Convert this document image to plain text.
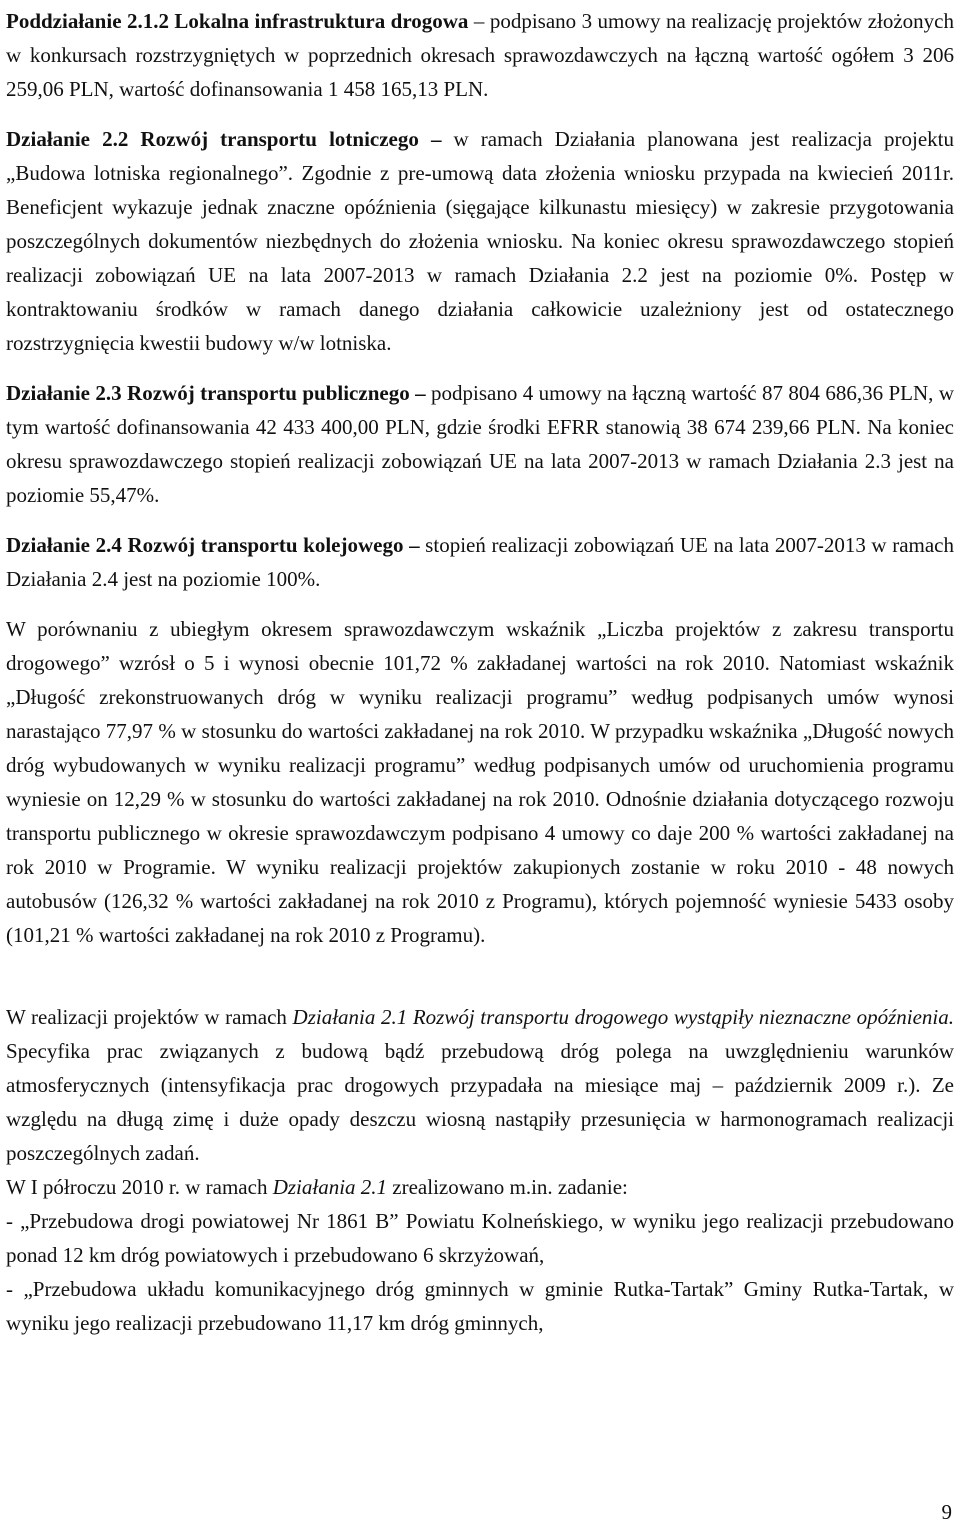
Poddziałanie 2.1.2 Lokalna infrastruktura drogowa – podpisano 3 umowy na realizację projektów złożonych w konkursach rozstrzygniętych w poprzednich okresach sprawozdawczych na łączną wartość ogółem 3 206 259,06 PLN, wartość dofinansowania 1 458 165,13 PLN.

Działanie 2.2 Rozwój transportu lotniczego – w ramach Działania planowana jest realizacja projektu „Budowa lotniska regionalnego”. Zgodnie z pre-umową data złożenia wniosku przypada na kwiecień 2011r. Beneficjent wykazuje jednak znaczne opóźnienia (sięgające kilkunastu miesięcy) w zakresie przygotowania poszczególnych dokumentów niezbędnych do złożenia wniosku. Na koniec okresu sprawozdawczego stopień realizacji zobowiązań UE na lata 2007-2013 w ramach Działania 2.2 jest na poziomie 0%. Postęp w kontraktowaniu środków w ramach danego działania całkowicie uzależniony jest od ostatecznego rozstrzygnięcia kwestii budowy w/w lotniska.

Działanie 2.3 Rozwój transportu publicznego – podpisano 4 umowy na łączną wartość 87 804 686,36 PLN, w tym wartość dofinansowania 42 433 400,00 PLN, gdzie środki EFRR stanowią 38 674 239,66 PLN. Na koniec okresu sprawozdawczego stopień realizacji zobowiązań UE na lata 2007-2013 w ramach Działania 2.3 jest na poziomie 55,47%.

Działanie 2.4 Rozwój transportu kolejowego – stopień realizacji zobowiązań UE na lata 2007-2013 w ramach Działania 2.4 jest na poziomie 100%.

W porównaniu z ubiegłym okresem sprawozdawczym wskaźnik „Liczba projektów z zakresu transportu drogowego” wzrósł o 5 i wynosi obecnie 101,72 % zakładanej wartości na rok 2010. Natomiast wskaźnik „Długość zrekonstruowanych dróg w wyniku realizacji programu” według podpisanych umów wynosi narastająco 77,97 % w stosunku do wartości zakładanej na rok 2010. W przypadku wskaźnika „Długość nowych dróg wybudowanych w wyniku realizacji programu” według podpisanych umów od uruchomienia programu wyniesie on 12,29 % w stosunku do wartości zakładanej na rok 2010. Odnośnie działania dotyczącego rozwoju transportu publicznego w okresie sprawozdawczym podpisano 4 umowy co daje 200 % wartości zakładanej na rok 2010 w Programie. W wyniku realizacji projektów zakupionych zostanie w roku 2010 - 48 nowych autobusów (126,32 % wartości zakładanej na rok 2010 z Programu), których pojemność wyniesie 5433 osoby (101,21 % wartości zakładanej na rok 2010 z Programu).

W realizacji projektów w ramach Działania 2.1 Rozwój transportu drogowego wystąpiły nieznaczne opóźnienia. Specyfika prac związanych z budową bądź przebudową dróg polega na uwzględnieniu warunków atmosferycznych (intensyfikacja prac drogowych przypadała na miesiące maj – październik 2009 r.). Ze względu na długą zimę i duże opady deszczu wiosną nastąpiły przesunięcia w harmonogramach realizacji poszczególnych zadań.

W I półroczu 2010 r. w ramach Działania 2.1 zrealizowano m.in. zadanie:

- „Przebudowa drogi powiatowej Nr 1861 B” Powiatu Kolneńskiego, w wyniku jego realizacji przebudowano ponad 12 km dróg powiatowych i przebudowano 6 skrzyżowań,

- „Przebudowa układu komunikacyjnego dróg gminnych w gminie Rutka-Tartak” Gminy Rutka-Tartak, w wyniku jego realizacji przebudowano 11,17 km dróg gminnych,

9
